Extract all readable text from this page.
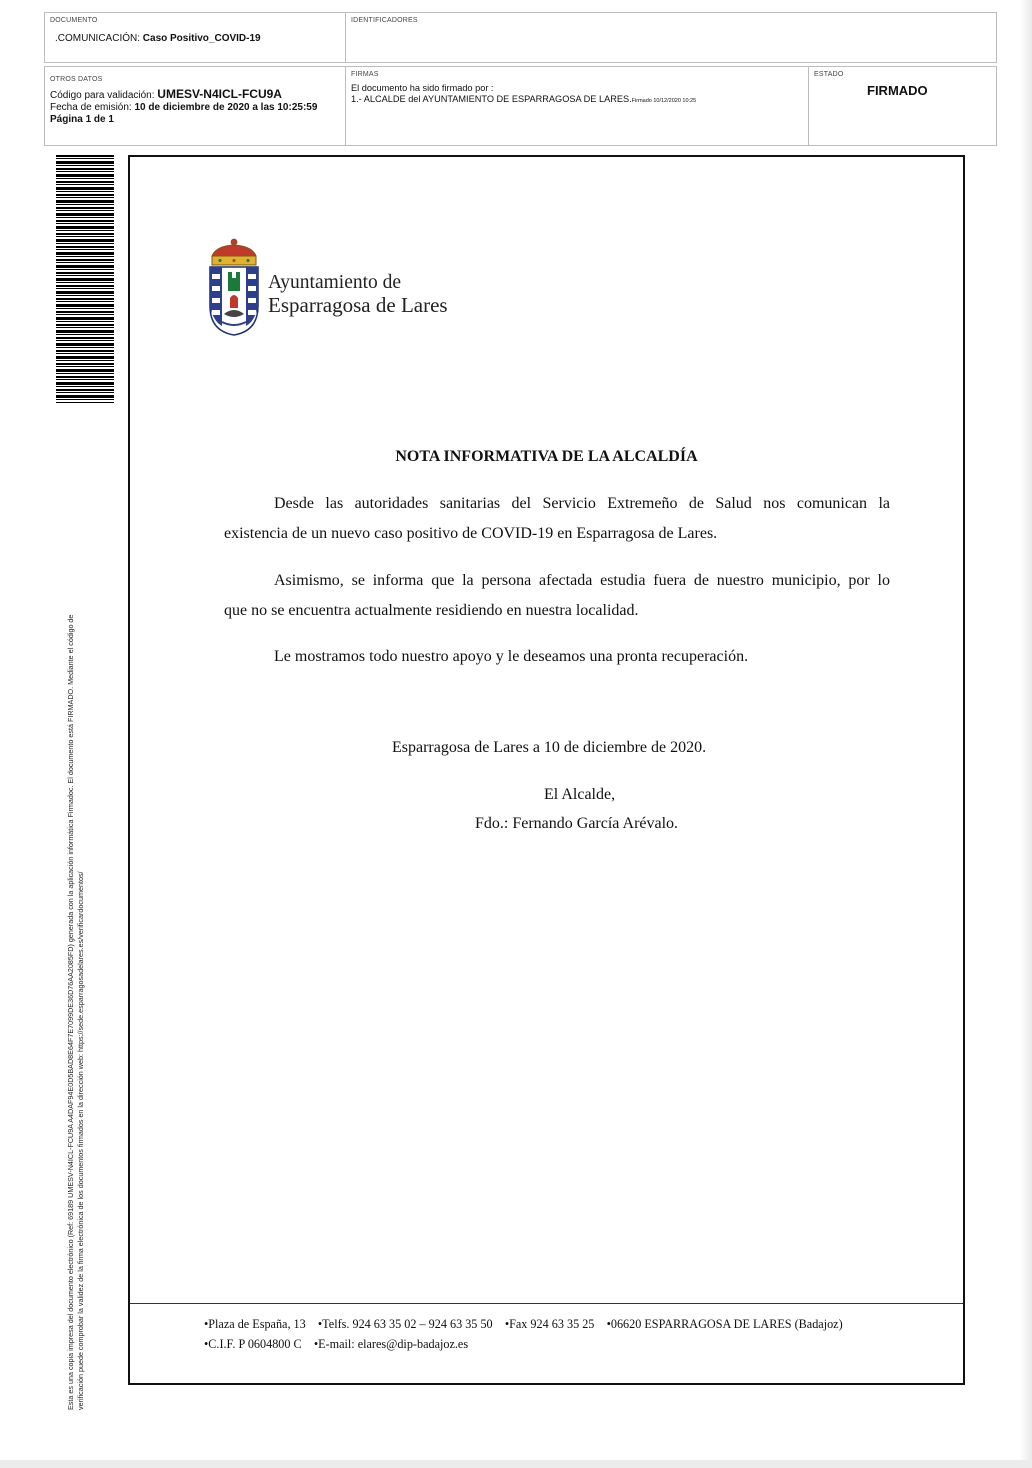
DOCUMENTO
.COMUNICACIÓN: Caso Positivo_COVID-19
IDENTIFICADORES
OTROS DATOS
Código para validación: UMESV-N4ICL-FCU9A
Fecha de emisión: 10 de diciembre de 2020 a las 10:25:59
Página 1 de 1
FIRMAS
El documento ha sido firmado por :
1.- ALCALDE del AYUNTAMIENTO DE ESPARRAGOSA DE LARES.Firmado 10/12/2020 10:25
ESTADO
FIRMADO
Esta es una copia impresa del documento electrónico (Ref: 69189 UMESV-N4ICL-FCU9A A4DAF94E0D5BAD8E64F7E7099DE36D76AA2085FD) generada con la aplicación informática Firmadoc. El documento está FIRMADO. Mediante el código de verificación puede comprobar la validez de la firma electrónica de los documentos firmados en la dirección web: https://sede.esparragosadelares.es/verificardocumentos/
Ayuntamiento de
Esparragosa de Lares
NOTA INFORMATIVA DE LA ALCALDÍA
Desde las autoridades sanitarias del Servicio Extremeño de Salud nos comunican la
existencia de un nuevo caso positivo de COVID-19 en Esparragosa de Lares.
Asimismo, se informa que la persona afectada estudia fuera de nuestro municipio, por lo
que no se encuentra actualmente residiendo en nuestra localidad.
Le mostramos todo nuestro apoyo y le deseamos una pronta recuperación.
Esparragosa de Lares a 10 de diciembre de 2020.
El Alcalde,
Fdo.: Fernando García Arévalo.
•Plaza de España, 13    •Telfs. 924 63 35 02 – 924 63 35 50    •Fax 924 63 35 25    •06620 ESPARRAGOSA DE LARES (Badajoz)
•C.I.F. P 0604800 C    •E-mail: elares@dip-badajoz.es
